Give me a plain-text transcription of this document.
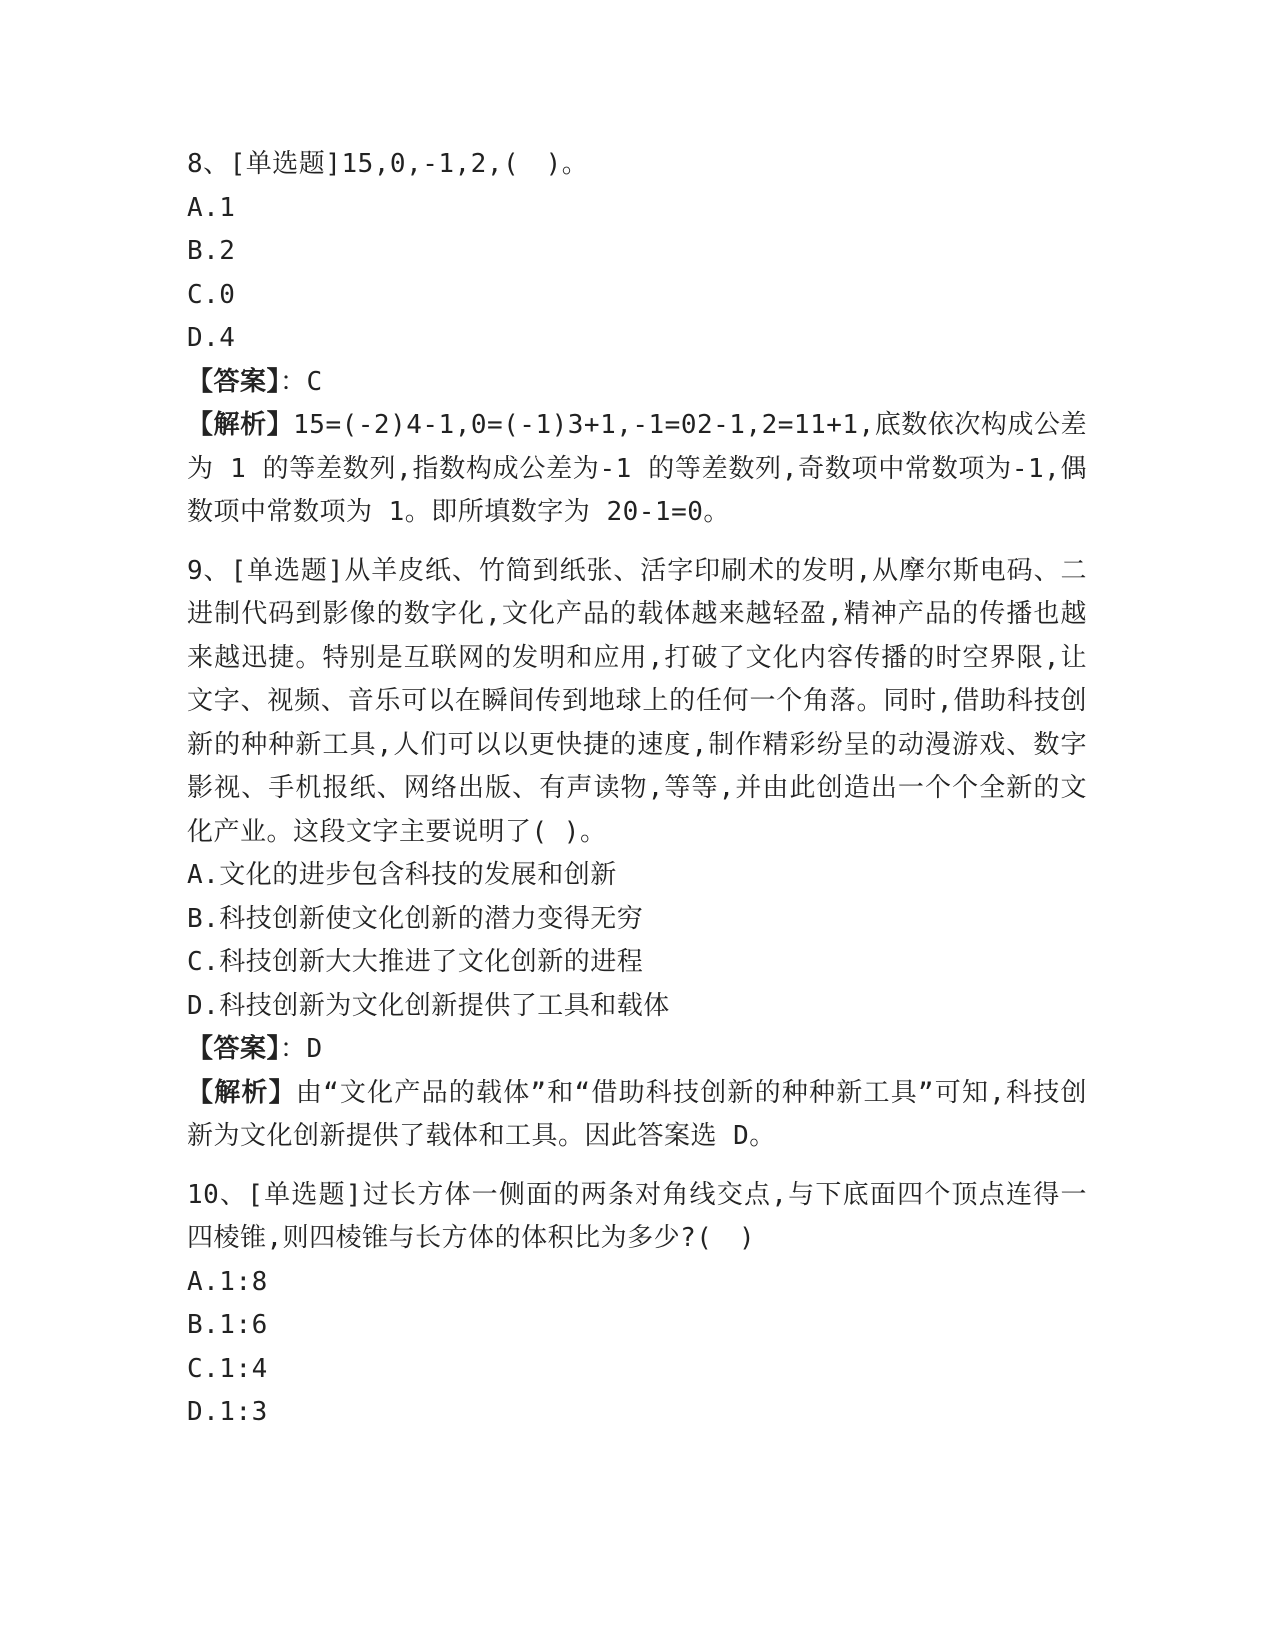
8、[单选题]15,0,-1,2,(　)。
A.1
B.2
C.0
D.4
【答案】：C
【解析】15=(-2)4-1,0=(-1)3+1,-1=02-1,2=11+1,底数依次构成公差为 1 的等差数列,指数构成公差为-1 的等差数列,奇数项中常数项为-1,偶数项中常数项为 1。即所填数字为 20-1=0。
9、[单选题]从羊皮纸、竹简到纸张、活字印刷术的发明,从摩尔斯电码、二进制代码到影像的数字化,文化产品的载体越来越轻盈,精神产品的传播也越来越迅捷。特别是互联网的发明和应用,打破了文化内容传播的时空界限,让文字、视频、音乐可以在瞬间传到地球上的任何一个角落。同时,借助科技创新的种种新工具,人们可以以更快捷的速度,制作精彩纷呈的动漫游戏、数字影视、手机报纸、网络出版、有声读物,等等,并由此创造出一个个全新的文化产业。这段文字主要说明了( )。
A.文化的进步包含科技的发展和创新
B.科技创新使文化创新的潜力变得无穷
C.科技创新大大推进了文化创新的进程
D.科技创新为文化创新提供了工具和载体
【答案】：D
【解析】由“文化产品的载体”和“借助科技创新的种种新工具”可知,科技创新为文化创新提供了载体和工具。因此答案选 D。
10、[单选题]过长方体一侧面的两条对角线交点,与下底面四个顶点连得一四棱锥,则四棱锥与长方体的体积比为多少?(　)
A.1:8
B.1:6
C.1:4
D.1:3
